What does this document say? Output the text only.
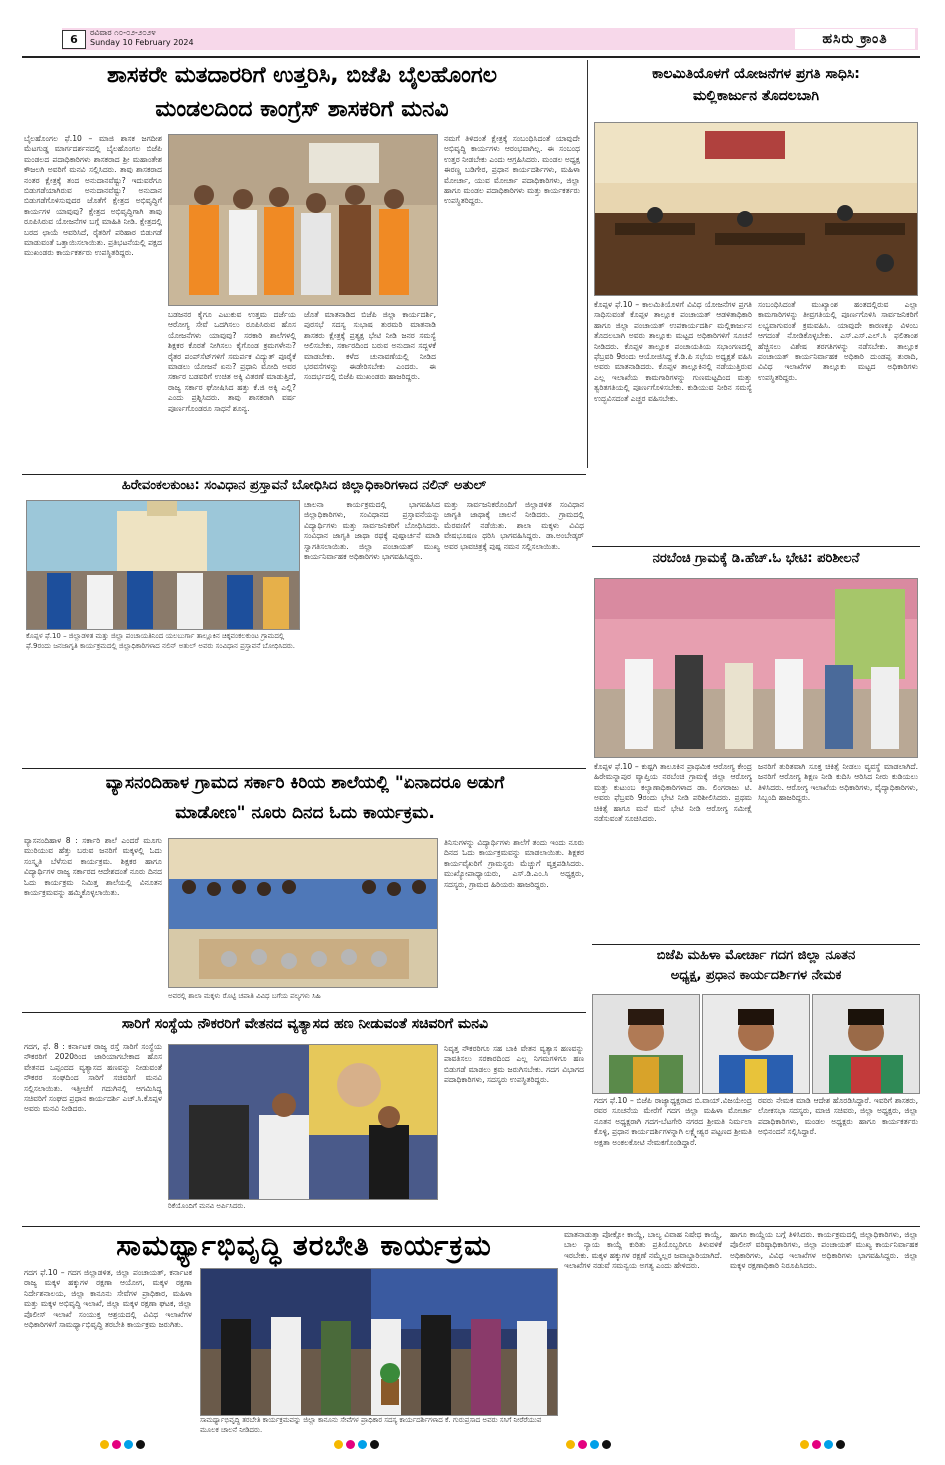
6
ರವಿವಾರ ೧೦-೦೨-೨೦೨೪
Sunday 10 February 2024	ಹಸಿರು ಕ್ರಾಂತಿ
ಶಾಸಕರೇ ಮತದಾರರಿಗೆ ಉತ್ತರಿಸಿ, ಬಿಜೆಪಿ ಬೈಲಹೊಂಗಲ
ಮಂಡಲದಿಂದ ಕಾಂಗ್ರೆಸ್ ಶಾಸಕರಿಗೆ ಮನವಿ
ಬೈಲಹೊಂಗಲ ಫೆ.10 – ಮಾಜಿ ಶಾಸಕ ಜಗದೀಶ ಮೆಟಗುಡ್ಡ ಮಾರ್ಗದರ್ಶನದಲ್ಲಿ ಬೈಲಹೊಂಗಲ ಬಿಜೆಪಿ ಮಂಡಲದ ಪದಾಧಿಕಾರಿಗಳು ಶಾಸಕರಾದ ಶ್ರೀ ಮಹಾಂತೇಶ ಕೌಜಲಗಿ ಅವರಿಗೆ ಮನವಿ ಸಲ್ಲಿಸಿದರು. ತಾವು ಶಾಸಕರಾದ ನಂತರ ಕ್ಷೇತ್ರಕ್ಕೆ ತಂದ ಅನುದಾನವೆಷ್ಟು? ಇದುವರೆಗೂ ಬಿಡುಗಡೆಯಾಗಿರುವ ಅನುದಾನವೆಷ್ಟು? ಅನುದಾನ ಬಿಡುಗಡೆಗೊಳಿಸುವುದರ ಜೊತೆಗೆ ಕ್ಷೇತ್ರದ ಅಭಿವೃದ್ಧಿಗೆ ಕಾರ್ಯಗಳ ಯಾವುವು? ಕ್ಷೇತ್ರದ ಅಭಿವೃದ್ಧಿಗಾಗಿ ತಾವು ರೂಪಿಸಿರುವ ಯೋಜನೆಗಳ ಬಗ್ಗೆ ಮಾಹಿತಿ ನೀಡಿ. ಕ್ಷೇತ್ರದಲ್ಲಿ ಬರದ ಛಾಯೆ ಆವರಿಸಿದೆ, ರೈತರಿಗೆ ಪರಿಹಾರ ಬಿಡುಗಡೆ ಮಾಡುವಂತೆ ಒತ್ತಾಯಿಸಲಾಯಿತು. ಪ್ರತಿಭಟನೆಯಲ್ಲಿ ಪಕ್ಷದ ಮುಖಂಡರು ಕಾರ್ಯಕರ್ತರು ಉಪಸ್ಥಿತರಿದ್ದರು.
ಬಡಜನರ ಕೈಗೂ ಎಟುಕುವ ಉತ್ತಮ ದರ್ಜೆಯ ಆರೋಗ್ಯ ಸೇವೆ ಒದಗಿಸಲು ರೂಪಿಸಿರುವ ಹೊಸ ಯೋಜನೆಗಳು ಯಾವುವು? ಸರಕಾರಿ ಶಾಲೆಗಳಲ್ಲಿ ಶಿಕ್ಷಕರ ಕೊರತೆ ನೀಗಿಸಲು ಕೈಗೊಂಡ ಕ್ರಮಗಳೇನು? ರೈತರ ಪಂಪ್‌ಸೆಟ್‌ಗಳಿಗೆ ಸಮರ್ಪಕ ವಿದ್ಯುತ್ ಪೂರೈಕೆ ಮಾಡಲು ಯೋಜನೆ ಏನು? ಪ್ರಧಾನಿ ಮೋದಿ ಅವರ ಸರ್ಕಾರ ಬಡವರಿಗೆ ಉಚಿತ ಅಕ್ಕಿ ವಿತರಣೆ ಮಾಡುತ್ತಿದೆ, ರಾಜ್ಯ ಸರ್ಕಾರ ಘೋಷಿಸಿದ ಹತ್ತು ಕೆ.ಜಿ ಅಕ್ಕಿ ಎಲ್ಲಿ? ಎಂದು ಪ್ರಶ್ನಿಸಿದರು. ತಾವು ಶಾಸಕರಾಗಿ ವರ್ಷ ಪೂರ್ಣಗೊಂಡರೂ ಸಾಧನೆ ಶೂನ್ಯ.
ಜೊತೆ ಮಾತನಾಡಿದ ಬಿಜೆಪಿ ಜಿಲ್ಲಾ ಕಾರ್ಯದರ್ಶಿ, ಪುರಸಭೆ ಸದಸ್ಯ ಸುಭಾಷ ತುರಮರಿ ಮಾತನಾಡಿ ಶಾಸಕರು ಕ್ಷೇತ್ರಕ್ಕೆ ಪ್ರತ್ಯಕ್ಷ ಭೇಟಿ ನೀಡಿ ಜನರ ಸಮಸ್ಯೆ ಆಲಿಸಬೇಕು, ಸರ್ಕಾರದಿಂದ ಬರುವ ಅನುದಾನ ಸದ್ಬಳಕೆ ಮಾಡಬೇಕು. ಕಳೆದ ಚುನಾವಣೆಯಲ್ಲಿ ನೀಡಿದ ಭರವಸೆಗಳನ್ನು ಈಡೇರಿಸಬೇಕು ಎಂದರು. ಈ ಸಂದರ್ಭದಲ್ಲಿ ಬಿಜೆಪಿ ಮುಖಂಡರು ಹಾಜರಿದ್ದರು.
ನಮಗೆ ತಿಳಿದಂತೆ ಕ್ಷೇತ್ರಕ್ಕೆ ಸಂಬಂಧಿಸಿದಂತೆ ಯಾವುದೇ ಅಭಿವೃದ್ಧಿ ಕಾರ್ಯಗಳು ಆರಂಭವಾಗಿಲ್ಲ. ಈ ಸಂಬಂಧ ಉತ್ತರ ನೀಡಬೇಕು ಎಂದು ಆಗ್ರಹಿಸಿದರು. ಮಂಡಲ ಅಧ್ಯಕ್ಷ ಈರಣ್ಣ ಬಡಿಗೇರ, ಪ್ರಧಾನ ಕಾರ್ಯದರ್ಶಿಗಳು, ಮಹಿಳಾ ಮೋರ್ಚಾ, ಯುವ ಮೋರ್ಚಾ ಪದಾಧಿಕಾರಿಗಳು, ಜಿಲ್ಲಾ ಹಾಗೂ ಮಂಡಲ ಪದಾಧಿಕಾರಿಗಳು ಮತ್ತು ಕಾರ್ಯಕರ್ತರು ಉಪಸ್ಥಿತರಿದ್ದರು.
ಕಾಲಮಿತಿಯೊಳಗೆ ಯೋಜನೆಗಳ ಪ್ರಗತಿ ಸಾಧಿಸಿ:
ಮಲ್ಲಿಕಾರ್ಜುನ ತೊದಲಬಾಗಿ
ಕೊಪ್ಪಳ ಫೆ.10 – ಕಾಲಮಿತಿಯೊಳಗೆ ವಿವಿಧ ಯೋಜನೆಗಳ ಪ್ರಗತಿ ಸಾಧಿಸುವಂತೆ ಕೊಪ್ಪಳ ತಾಲ್ಲೂಕ ಪಂಚಾಯತ್ ಆಡಳಿತಾಧಿಕಾರಿ ಹಾಗೂ ಜಿಲ್ಲಾ ಪಂಚಾಯತ್ ಉಪಕಾರ್ಯದರ್ಶಿ ಮಲ್ಲಿಕಾರ್ಜುನ ತೊದಲಬಾಗಿ ಅವರು ತಾಲ್ಲೂಕು ಮಟ್ಟದ ಅಧಿಕಾರಿಗಳಿಗೆ ಸೂಚನೆ ನೀಡಿದರು. ಕೊಪ್ಪಳ ತಾಲ್ಲೂಕ ಪಂಚಾಯತಿಯ ಸಭಾಂಗಣದಲ್ಲಿ ಫೆಬ್ರವರಿ 9ರಂದು ಆಯೋಜಿಸಿದ್ದ ಕೆ.ಡಿ.ಪಿ ಸಭೆಯ ಅಧ್ಯಕ್ಷತೆ ವಹಿಸಿ ಅವರು ಮಾತನಾಡಿದರು. ಕೊಪ್ಪಳ ತಾಲ್ಲೂಕಿನಲ್ಲಿ ನಡೆಯುತ್ತಿರುವ ಎಲ್ಲ ಇಲಾಖೆಯ ಕಾಮಗಾರಿಗಳನ್ನು ಗುಣಮಟ್ಟದಿಂದ ಮತ್ತು ತ್ವರಿತಗತಿಯಲ್ಲಿ ಪೂರ್ಣಗೊಳಿಸಬೇಕು. ಕುಡಿಯುವ ನೀರಿನ ಸಮಸ್ಯೆ ಉದ್ಭವಿಸದಂತೆ ಎಚ್ಚರ ವಹಿಸಬೇಕು.
ಸಂಬಂಧಿಸಿದಂತೆ ಮುಖ್ಯಾಂಶ ಹಂತದಲ್ಲಿರುವ ಎಲ್ಲಾ ಕಾಮಗಾರಿಗಳನ್ನು ತೀವ್ರಗತಿಯಲ್ಲಿ ಪೂರ್ಣಗೊಳಿಸಿ ಸಾರ್ವಜನಿಕರಿಗೆ ಲಭ್ಯವಾಗುವಂತೆ ಕ್ರಮವಹಿಸಿ. ಯಾವುದೇ ಕಾರಣಕ್ಕೂ ವಿಳಂಬ ಆಗದಂತೆ ನೋಡಿಕೊಳ್ಳಬೇಕು. ಎಸ್.ಎಸ್.ಎಲ್.ಸಿ ಫಲಿತಾಂಶ ಹೆಚ್ಚಿಸಲು ವಿಶೇಷ ತರಗತಿಗಳನ್ನು ನಡೆಸಬೇಕು. ತಾಲ್ಲೂಕ ಪಂಚಾಯತ್ ಕಾರ್ಯನಿರ್ವಾಹಕ ಅಧಿಕಾರಿ ದುಂಡಪ್ಪ ತುರಾದಿ, ವಿವಿಧ ಇಲಾಖೆಗಳ ತಾಲ್ಲೂಕು ಮಟ್ಟದ ಅಧಿಕಾರಿಗಳು ಉಪಸ್ಥಿತರಿದ್ದರು.
ಹಿರೇವಂಕಲಕುಂಟ: ಸಂವಿಧಾನ ಪ್ರಸ್ತಾವನೆ ಬೋಧಿಸಿದ ಜಿಲ್ಲಾಧಿಕಾರಿಗಳಾದ ನಲಿನ್ ಅತುಲ್
ಕೊಪ್ಪಳ ಫೆ.10 – ಜಿಲ್ಲಾಡಳಿತ ಮತ್ತು ಜಿಲ್ಲಾ ಪಂಚಾಯತಿನಿಂದ ಯಲಬುರ್ಗಾ ತಾಲ್ಲೂಕಿನ ಚಿಕ್ಕವಂಕಲಕುಂಟ ಗ್ರಾಮದಲ್ಲಿ ಫೆ.9ರಂದು ಜನಜಾಗೃತಿ ಕಾರ್ಯಕ್ರಮದಲ್ಲಿ ಜಿಲ್ಲಾಧಿಕಾರಿಗಳಾದ ನಲಿನ್ ಅತುಲ್ ಅವರು ಸಂವಿಧಾನ ಪ್ರಸ್ತಾವನೆ ಬೋಧಿಸಿದರು.
ಚಾಲನಾ ಕಾರ್ಯಕ್ರಮದಲ್ಲಿ ಭಾಗವಹಿಸಿದ ಜಿಲ್ಲಾಧಿಕಾರಿಗಳು, ಸಂವಿಧಾನದ ಪ್ರಸ್ತಾವನೆಯನ್ನು ವಿದ್ಯಾರ್ಥಿಗಳು ಮತ್ತು ಸಾರ್ವಜನಿಕರಿಗೆ ಬೋಧಿಸಿದರು. ಸಂವಿಧಾನ ಜಾಗೃತಿ ಜಾಥಾ ರಥಕ್ಕೆ ಪುಷ್ಪಾರ್ಚನೆ ಮಾಡಿ ಸ್ವಾಗತಿಸಲಾಯಿತು. ಜಿಲ್ಲಾ ಪಂಚಾಯತ್ ಮುಖ್ಯ ಕಾರ್ಯನಿರ್ವಾಹಕ ಅಧಿಕಾರಿಗಳು ಭಾಗವಹಿಸಿದ್ದರು.
ಮತ್ತು ಸಾರ್ವಜನಿಕರೊಂದಿಗೆ ಜಿಲ್ಲಾಡಳಿತ ಸಂವಿಧಾನ ಜಾಗೃತಿ ಜಾಥಾಕ್ಕೆ ಚಾಲನೆ ನೀಡಿದರು. ಗ್ರಾಮದಲ್ಲಿ ಮೆರವಣಿಗೆ ನಡೆಯಿತು. ಶಾಲಾ ಮಕ್ಕಳು ವಿವಿಧ ವೇಷಭೂಷಣ ಧರಿಸಿ ಭಾಗವಹಿಸಿದ್ದರು. ಡಾ.ಅಂಬೇಡ್ಕರ್ ಅವರ ಭಾವಚಿತ್ರಕ್ಕೆ ಪುಷ್ಪ ನಮನ ಸಲ್ಲಿಸಲಾಯಿತು.
ನರಬೆಂಚಿ ಗ್ರಾಮಕ್ಕೆ ಡಿ.ಹೆಚ್.ಓ ಭೇಟಿ: ಪರಿಶೀಲನೆ
ಕೊಪ್ಪಳ ಫೆ.10 – ಕುಷ್ಟಗಿ ತಾಲೂಕಿನ ಪ್ರಾಥಮಿಕ ಆರೋಗ್ಯ ಕೇಂದ್ರ ಹಿರೇಮನ್ನಾಪುರ ವ್ಯಾಪ್ತಿಯ ನರಬೆಂಚಿ ಗ್ರಾಮಕ್ಕೆ ಜಿಲ್ಲಾ ಆರೋಗ್ಯ ಮತ್ತು ಕುಟುಂಬ ಕಲ್ಯಾಣಾಧಿಕಾರಿಗಳಾದ ಡಾ. ಲಿಂಗರಾಜು ಟಿ. ಅವರು ಫೆಬ್ರವರಿ 9ರಂದು ಭೇಟಿ ನೀಡಿ ಪರಿಶೀಲಿಸಿದರು. ಪ್ರಥಮ ಚಿಕಿತ್ಸೆ ಹಾಗೂ ಮನೆ ಮನೆ ಭೇಟಿ ನೀಡಿ ಆರೋಗ್ಯ ಸಮೀಕ್ಷೆ ನಡೆಸುವಂತೆ ಸೂಚಿಸಿದರು.
ಜನರಿಗೆ ತುರಿತವಾಗಿ ಸೂಕ್ತ ಚಿಕಿತ್ಸೆ ನೀಡಲು ವ್ಯವಸ್ಥೆ ಮಾಡಲಾಗಿದೆ. ಜನರಿಗೆ ಆರೋಗ್ಯ ಶಿಕ್ಷಣ ನೀಡಿ ಕುದಿಸಿ ಆರಿಸಿದ ನೀರು ಕುಡಿಯಲು ತಿಳಿಸಿದರು. ಆರೋಗ್ಯ ಇಲಾಖೆಯ ಅಧಿಕಾರಿಗಳು, ವೈದ್ಯಾಧಿಕಾರಿಗಳು, ಸಿಬ್ಬಂದಿ ಹಾಜರಿದ್ದರು.
ವ್ಯಾಸನಂದಿಹಾಳ ಗ್ರಾಮದ ಸರ್ಕಾರಿ ಕಿರಿಯ ಶಾಲೆಯಲ್ಲಿ "ಏನಾದರೂ ಅಡುಗೆ
ಮಾಡೋಣ" ನೂರು ದಿನದ ಓದು ಕಾರ್ಯಕ್ರಮ.
ವ್ಯಾಸನಂದಿಹಾಳ 8 : ಸರ್ಕಾರಿ ಶಾಲೆ ಎಂದರೆ ಮೂಗು ಮುರಿಯುವ ಹೆತ್ತು ಬರುವ ಜನರಿಗೆ ಮಕ್ಕಳಲ್ಲಿ ಓದು ಸಂಸ್ಕೃತಿ ಬೆಳೆಸುವ ಕಾರ್ಯಕ್ರಮ. ಶಿಕ್ಷಕರ ಹಾಗೂ ವಿದ್ಯಾರ್ಥಿಗಳ ರಾಜ್ಯ ಸರ್ಕಾರದ ಆದೇಶದಂತೆ ನೂರು ದಿನದ ಓದು ಕಾರ್ಯಕ್ರಮ ನಿಮಿತ್ತ ಶಾಲೆಯಲ್ಲಿ ವಿನೂತನ ಕಾರ್ಯಕ್ರಮವನ್ನು ಹಮ್ಮಿಕೊಳ್ಳಲಾಯಿತು.
ಅವರಲ್ಲಿ ಶಾಲಾ ಮಕ್ಕಳು ರೊಟ್ಟಿ ಚಪಾತಿ ವಿವಿಧ ಬಗೆಯ ಪಲ್ಯಗಳು ಸಿಹಿ
ತಿನಿಸುಗಳನ್ನು ವಿದ್ಯಾರ್ಥಿಗಳು ಶಾಲೆಗೆ ತಂದು ಇಂದು ನೂರು ದಿನದ ಓದು ಕಾರ್ಯಕ್ರಮವನ್ನು ಮಾಡಲಾಯಿತು. ಶಿಕ್ಷಕರ ಕಾರ್ಯವೈಖರಿಗೆ ಗ್ರಾಮಸ್ಥರು ಮೆಚ್ಚುಗೆ ವ್ಯಕ್ತಪಡಿಸಿದರು. ಮುಖ್ಯೋಪಾಧ್ಯಾಯರು, ಎಸ್.ಡಿ.ಎಂ.ಸಿ ಅಧ್ಯಕ್ಷರು, ಸದಸ್ಯರು, ಗ್ರಾಮದ ಹಿರಿಯರು ಹಾಜರಿದ್ದರು.
ಬಿಜೆಪಿ ಮಹಿಳಾ ಮೋರ್ಚಾ ಗದಗ ಜಿಲ್ಲಾ ನೂತನ
ಅಧ್ಯಕ್ಷ, ಪ್ರಧಾನ ಕಾರ್ಯದರ್ಶಿಗಳ ನೇಮಕ
ಗದಗ ಫೆ.10 – ಬಿಜೆಪಿ ರಾಜ್ಯಾಧ್ಯಕ್ಷರಾದ ಬಿ.ವಾಯ್.ವಿಜಯೇಂದ್ರ ರವರ ಸೂಚನೆಯ ಮೇರೆಗೆ ಗದಗ ಜಿಲ್ಲಾ ಮಹಿಳಾ ಮೋರ್ಚಾ ನೂತನ ಅಧ್ಯಕ್ಷರಾಗಿ ಗದಗ-ಬೆಟಗೇರಿ ನಗರದ ಶ್ರೀಮತಿ ನಿರ್ಮಲಾ ಕೊಳ್ಳಿ, ಪ್ರಧಾನ ಕಾರ್ಯದರ್ಶಿಗಳನ್ನಾಗಿ ಲಕ್ಷ್ಮೇಶ್ವರ ಪಟ್ಟಣದ ಶ್ರೀಮತಿ ಅಕ್ಷತಾ ಅಂಕಲಕೋಟಿ ನೇಮಕಗೊಂಡಿದ್ದಾರೆ.
ರವರು ನೇಮಕ ಮಾಡಿ ಆದೇಶ ಹೊರಡಿಸಿದ್ದಾರೆ. ಇವರಿಗೆ ಶಾಸಕರು, ಲೋಕಸಭಾ ಸದಸ್ಯರು, ಮಾಜಿ ಸಚಿವರು, ಜಿಲ್ಲಾ ಅಧ್ಯಕ್ಷರು, ಜಿಲ್ಲಾ ಪದಾಧಿಕಾರಿಗಳು, ಮಂಡಲ ಅಧ್ಯಕ್ಷರು ಹಾಗೂ ಕಾರ್ಯಕರ್ತರು ಅಭಿನಂದನೆ ಸಲ್ಲಿಸಿದ್ದಾರೆ.
ಸಾರಿಗೆ ಸಂಸ್ಥೆಯ ನೌಕರರಿಗೆ ವೇತನದ ವ್ಯತ್ಯಾಸದ ಹಣ ನೀಡುವಂತೆ ಸಚಿವರಿಗೆ ಮನವಿ
ಗದಗ, ಫೆ. 8 : ಕರ್ನಾಟಕ ರಾಜ್ಯ ರಸ್ತೆ ಸಾರಿಗೆ ಸಂಸ್ಥೆಯ ನೌಕರರಿಗೆ 2020ರಿಂದ ಜಾರಿಯಾಗಬೇಕಾದ ಹೊಸ ವೇತನದ ಒಪ್ಪಂದದ ವ್ಯತ್ಯಾಸದ ಹಣವನ್ನು ನೀಡುವಂತೆ ನೌಕರರ ಸಂಘದಿಂದ ಸಾರಿಗೆ ಸಚಿವರಿಗೆ ಮನವಿ ಸಲ್ಲಿಸಲಾಯಿತು. ಇತ್ತೀಚೆಗೆ ಗದುಗಿನಲ್ಲಿ ಆಗಮಿಸಿದ್ದ ಸಚಿವರಿಗೆ ಸಂಘದ ಪ್ರಧಾನ ಕಾರ್ಯದರ್ಶಿ ಎಚ್.ಸಿ.ಕೊಪ್ಪಳ ಅವರು ಮನವಿ ನೀಡಿದರು.
ರಿಕೆಯೊಂದಿಗೆ ಮನವಿ ಅರ್ಪಿಸಿದರು.
ನಿವೃತ್ತ ನೌಕರರಿಗೂ ಸಹ ಬಾಕಿ ವೇತನ ವ್ಯತ್ಯಾಸ ಹಣವನ್ನು ಪಾವತಿಸಲು ಸರಕಾರದಿಂದ ಎಲ್ಲ ನಿಗಮಗಳಿಗೂ ಹಣ ಬಿಡುಗಡೆ ಮಾಡಲು ಕ್ರಮ ಜರುಗಿಸಬೇಕು. ಗದಗ ವಿಭಾಗದ ಪದಾಧಿಕಾರಿಗಳು, ಸದಸ್ಯರು ಉಪಸ್ಥಿತರಿದ್ದರು.
ಸಾಮರ್ಥ್ಯಾಭಿವೃದ್ಧಿ ತರಬೇತಿ ಕಾರ್ಯಕ್ರಮ
ಗದಗ ಫೆ.10 – ಗದಗ ಜಿಲ್ಲಾಡಳಿತ, ಜಿಲ್ಲಾ ಪಂಚಾಯತ್, ಕರ್ನಾಟಕ ರಾಜ್ಯ ಮಕ್ಕಳ ಹಕ್ಕುಗಳ ರಕ್ಷಣಾ ಆಯೋಗ, ಮಕ್ಕಳ ರಕ್ಷಣಾ ನಿರ್ದೇಶನಾಲಯ, ಜಿಲ್ಲಾ ಕಾನೂನು ಸೇವೆಗಳ ಪ್ರಾಧಿಕಾರ, ಮಹಿಳಾ ಮತ್ತು ಮಕ್ಕಳ ಅಭಿವೃದ್ಧಿ ಇಲಾಖೆ, ಜಿಲ್ಲಾ ಮಕ್ಕಳ ರಕ್ಷಣಾ ಘಟಕ, ಜಿಲ್ಲಾ ಪೊಲೀಸ್ ಇಲಾಖೆ ಸಂಯುಕ್ತ ಆಶ್ರಯದಲ್ಲಿ ವಿವಿಧ ಇಲಾಖೆಗಳ ಅಧಿಕಾರಿಗಳಿಗೆ ಸಾಮರ್ಥ್ಯಾಭಿವೃದ್ಧಿ ತರಬೇತಿ ಕಾರ್ಯಕ್ರಮ ಜರುಗಿತು.
ಸಾಮರ್ಥ್ಯಾಭಿವೃದ್ಧಿ ತರಬೇತಿ ಕಾರ್ಯಕ್ರಮವನ್ನು ಜಿಲ್ಲಾ ಕಾನೂನು ಸೇವೆಗಳ ಪ್ರಾಧಿಕಾರ ಸದಸ್ಯ ಕಾರ್ಯದರ್ಶಿಗಳಾದ ಕೆ. ಗುರುಪ್ರಸಾದ ಅವರು ಸಸಿಗೆ ನೀರೆರೆಯುವ ಮೂಲಕ ಚಾಲನೆ ನೀಡಿದರು.
ಮಾತನಾಡುತ್ತಾ ಪೋಕ್ಸೋ ಕಾಯ್ದೆ, ಬಾಲ್ಯ ವಿವಾಹ ನಿಷೇಧ ಕಾಯ್ದೆ, ಬಾಲ ನ್ಯಾಯ ಕಾಯ್ದೆ ಕುರಿತು ಪ್ರತಿಯೊಬ್ಬರಿಗೂ ತಿಳುವಳಿಕೆ ಇರಬೇಕು. ಮಕ್ಕಳ ಹಕ್ಕುಗಳ ರಕ್ಷಣೆ ನಮ್ಮೆಲ್ಲರ ಜವಾಬ್ದಾರಿಯಾಗಿದೆ. ಇಲಾಖೆಗಳ ನಡುವೆ ಸಮನ್ವಯ ಅಗತ್ಯ ಎಂದು ಹೇಳಿದರು.
ಹಾಗೂ ಕಾಯ್ದೆಯ ಬಗ್ಗೆ ತಿಳಿಸಿದರು. ಕಾರ್ಯಕ್ರಮದಲ್ಲಿ ಜಿಲ್ಲಾಧಿಕಾರಿಗಳು, ಜಿಲ್ಲಾ ಪೊಲೀಸ್ ವರಿಷ್ಠಾಧಿಕಾರಿಗಳು, ಜಿಲ್ಲಾ ಪಂಚಾಯತ್ ಮುಖ್ಯ ಕಾರ್ಯನಿರ್ವಾಹಕ ಅಧಿಕಾರಿಗಳು, ವಿವಿಧ ಇಲಾಖೆಗಳ ಅಧಿಕಾರಿಗಳು ಭಾಗವಹಿಸಿದ್ದರು. ಜಿಲ್ಲಾ ಮಕ್ಕಳ ರಕ್ಷಣಾಧಿಕಾರಿ ನಿರೂಪಿಸಿದರು.
